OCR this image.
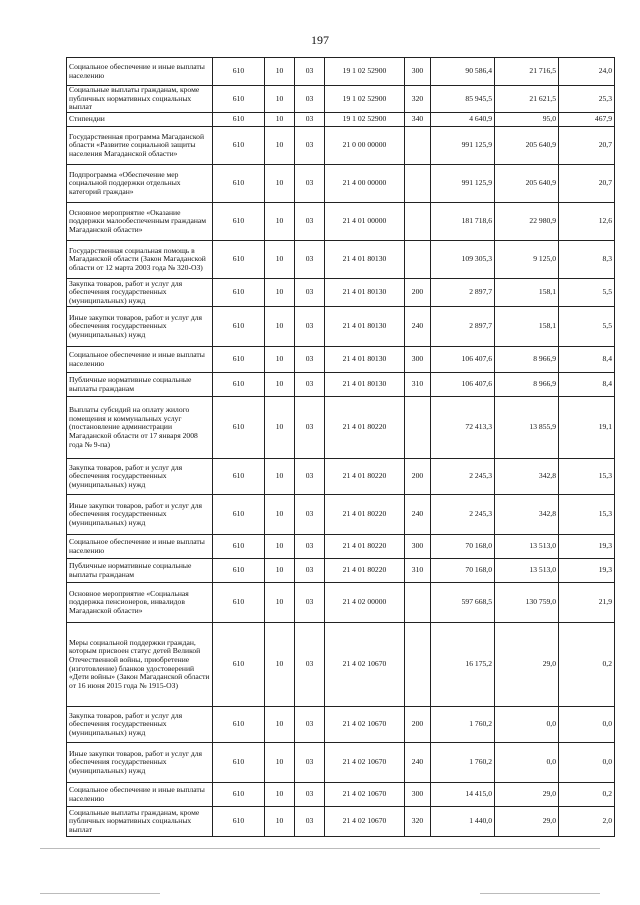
197
Социальное обеспечение и иные выплаты населению	610	10	03	19 1 02 52900	300	90 586,4	21 716,5	24,0
Социальные выплаты гражданам, кроме публичных нормативных социальных выплат	610	10	03	19 1 02 52900	320	85 945,5	21 621,5	25,3
Стипендии	610	10	03	19 1 02 52900	340	4 640,9	95,0	467,9
Государственная программа Магаданской области «Развитие социальной защиты населения Магаданской области»	610	10	03	21 0 00 00000		991 125,9	205 640,9	20,7
Подпрограмма «Обеспечение мер социальной поддержки отдельных категорий граждан»	610	10	03	21 4 00 00000		991 125,9	205 640,9	20,7
Основное мероприятие «Оказание поддержки малообеспеченным гражданам Магаданской области»	610	10	03	21 4 01 00000		181 718,6	22 980,9	12,6
Государственная социальная помощь в Магаданской области (Закон Магаданской области от 12 марта 2003 года № 320-ОЗ)	610	10	03	21 4 01 80130		109 305,3	9 125,0	8,3
Закупка товаров, работ и услуг для обеспечения государственных (муниципальных) нужд	610	10	03	21 4 01 80130	200	2 897,7	158,1	5,5
Иные закупки товаров, работ и услуг для обеспечения государственных (муниципальных) нужд	610	10	03	21 4 01 80130	240	2 897,7	158,1	5,5
Социальное обеспечение и иные выплаты населению	610	10	03	21 4 01 80130	300	106 407,6	8 966,9	8,4
Публичные нормативные социальные выплаты гражданам	610	10	03	21 4 01 80130	310	106 407,6	8 966,9	8,4
Выплаты субсидий на оплату жилого помещения и коммунальных услуг (постановление администрации Магаданской области от 17 января 2008 года № 9-па)	610	10	03	21 4 01 80220		72 413,3	13 855,9	19,1
Закупка товаров, работ и услуг для обеспечения государственных (муниципальных) нужд	610	10	03	21 4 01 80220	200	2 245,3	342,8	15,3
Иные закупки товаров, работ и услуг для обеспечения государственных (муниципальных) нужд	610	10	03	21 4 01 80220	240	2 245,3	342,8	15,3
Социальное обеспечение и иные выплаты населению	610	10	03	21 4 01 80220	300	70 168,0	13 513,0	19,3
Публичные нормативные социальные выплаты гражданам	610	10	03	21 4 01 80220	310	70 168,0	13 513,0	19,3
Основное мероприятие «Социальная поддержка пенсионеров, инвалидов Магаданской области»	610	10	03	21 4 02 00000		597 668,5	130 759,0	21,9
Меры социальной поддержки граждан, которым присвоен статус детей Великой Отечественной войны, приобретение (изготовление) бланков удостоверений «Дети войны» (Закон Магаданской области от 16 июня 2015 года № 1915-ОЗ)	610	10	03	21 4 02 10670		16 175,2	29,0	0,2
Закупка товаров, работ и услуг для обеспечения государственных (муниципальных) нужд	610	10	03	21 4 02 10670	200	1 760,2	0,0	0,0
Иные закупки товаров, работ и услуг для обеспечения государственных (муниципальных) нужд	610	10	03	21 4 02 10670	240	1 760,2	0,0	0,0
Социальное обеспечение и иные выплаты населению	610	10	03	21 4 02 10670	300	14 415,0	29,0	0,2
Социальные выплаты гражданам, кроме публичных нормативных социальных выплат	610	10	03	21 4 02 10670	320	1 440,0	29,0	2,0
